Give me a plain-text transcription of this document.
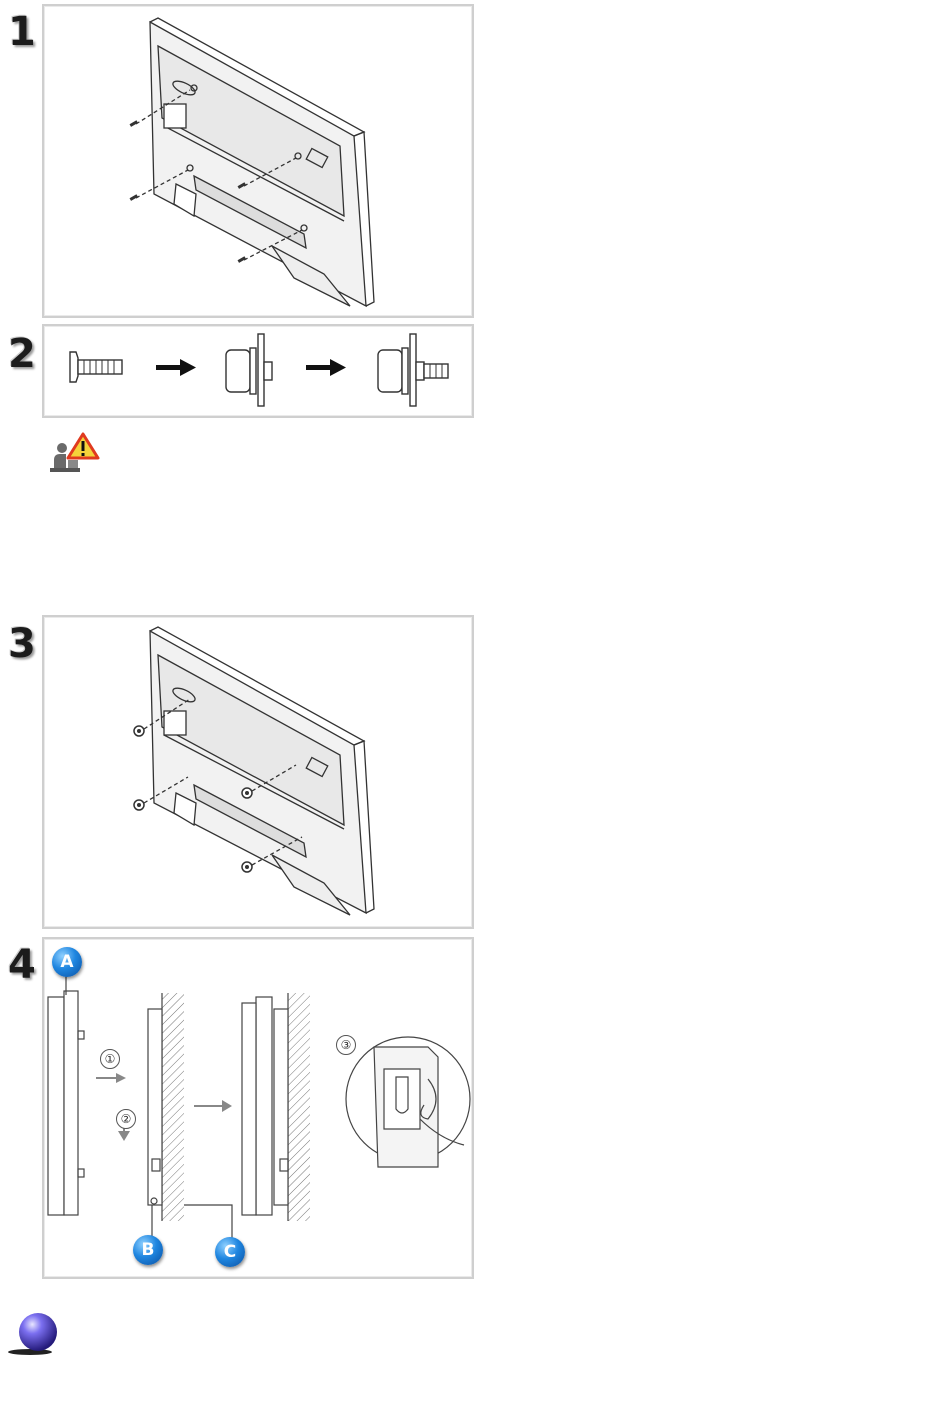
1
2
3
4
①
②
③
A
B	C
